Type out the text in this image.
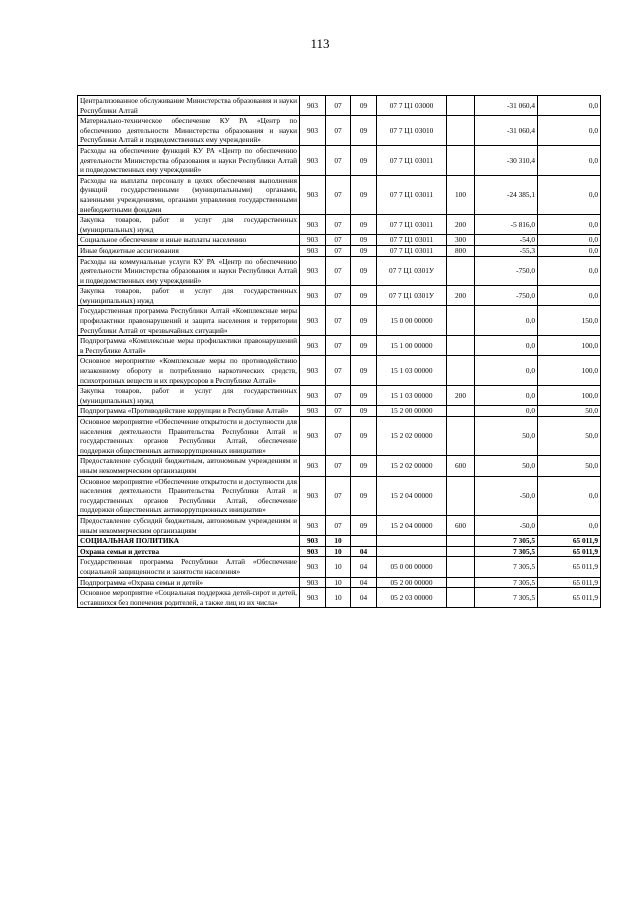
113
Централизованное обслуживание Министерства образования и науки Республики Алтай	903	07	09	07 7 Ц1 03000		-31 060,4	0,0
Материально-техническое обеспечение КУ РА «Центр по обеспечению деятельности Министерства образования и науки Республики Алтай и подведомственных ему учреждений»	903	07	09	07 7 Ц1 03010		-31 060,4	0,0
Расходы на обеспечение функций КУ РА «Центр по обеспечению деятельности Министерства образования и науки Республики Алтай и подведомственных ему учреждений»	903	07	09	07 7 Ц1 03011		-30 310,4	0,0
Расходы на выплаты персоналу в целях обеспечения выполнения функций государственными (муниципальными) органами, казенными учреждениями, органами управления государственными внебюджетными фондами	903	07	09	07 7 Ц1 03011	100	-24 385,1	0,0
Закупка товаров, работ и услуг для государственных (муниципальных) нужд	903	07	09	07 7 Ц1 03011	200	-5 816,0	0,0
Социальное обеспечение и иные выплаты населению	903	07	09	07 7 Ц1 03011	300	-54,0	0,0
Иные бюджетные ассигнования	903	07	09	07 7 Ц1 03011	800	-55,3	0,0
Расходы на коммунальные услуги КУ РА «Центр по обеспечению деятельности Министерства образования и науки Республики Алтай и подведомственных ему учреждений»	903	07	09	07 7 Ц1 0301У		-750,0	0,0
Закупка товаров, работ и услуг для государственных (муниципальных) нужд	903	07	09	07 7 Ц1 0301У	200	-750,0	0,0
Государственная программа Республики Алтай «Комплексные меры профилактики правонарушений и защита населения и территории Республики Алтай от чрезвычайных ситуаций»	903	07	09	15 0 00 00000		0,0	150,0
Подпрограмма «Комплексные меры профилактики правонарушений в Республике Алтай»	903	07	09	15 1 00 00000		0,0	100,0
Основное мероприятие «Комплексные меры по противодействию незаконному обороту и потреблению наркотических средств, психотропных веществ и их прекурсоров в Республике Алтай»	903	07	09	15 1 03 00000		0,0	100,0
Закупка товаров, работ и услуг для государственных (муниципальных) нужд	903	07	09	15 1 03 00000	200	0,0	100,0
Подпрограмма «Противодействие коррупции в Республике Алтай»	903	07	09	15 2 00 00000		0,0	50,0
Основное мероприятие «Обеспечение открытости и доступности для населения деятельности Правительства Республики Алтай и государственных органов Республики Алтай, обеспечение поддержки общественных антикоррупционных инициатив»	903	07	09	15 2 02 00000		50,0	50,0
Предоставление субсидий бюджетным, автономным учреждениям и иным некоммерческим организациям	903	07	09	15 2 02 00000	600	50,0	50,0
Основное мероприятие «Обеспечение открытости и доступности для населения деятельности Правительства Республики Алтай и государственных органов Республики Алтай, обеспечение поддержки общественных антикоррупционных инициатив»	903	07	09	15 2 04 00000		-50,0	0,0
Предоставление субсидий бюджетным, автономным учреждениям и иным некоммерческим организациям	903	07	09	15 2 04 00000	600	-50,0	0,0
СОЦИАЛЬНАЯ ПОЛИТИКА	903	10				7 305,5	65 011,9
Охрана семьи и детства	903	10	04			7 305,5	65 011,9
Государственная программа Республики Алтай «Обеспечение социальной защищенности и занятости населения»	903	10	04	05 0 00 00000		7 305,5	65 011,9
Подпрограмма «Охрана семьи и детей»	903	10	04	05 2 00 00000		7 305,5	65 011,9
Основное мероприятие «Социальная поддержка детей-сирот и детей, оставшихся без попечения родителей, а также лиц из их числа»	903	10	04	05 2 03 00000		7 305,5	65 011,9
